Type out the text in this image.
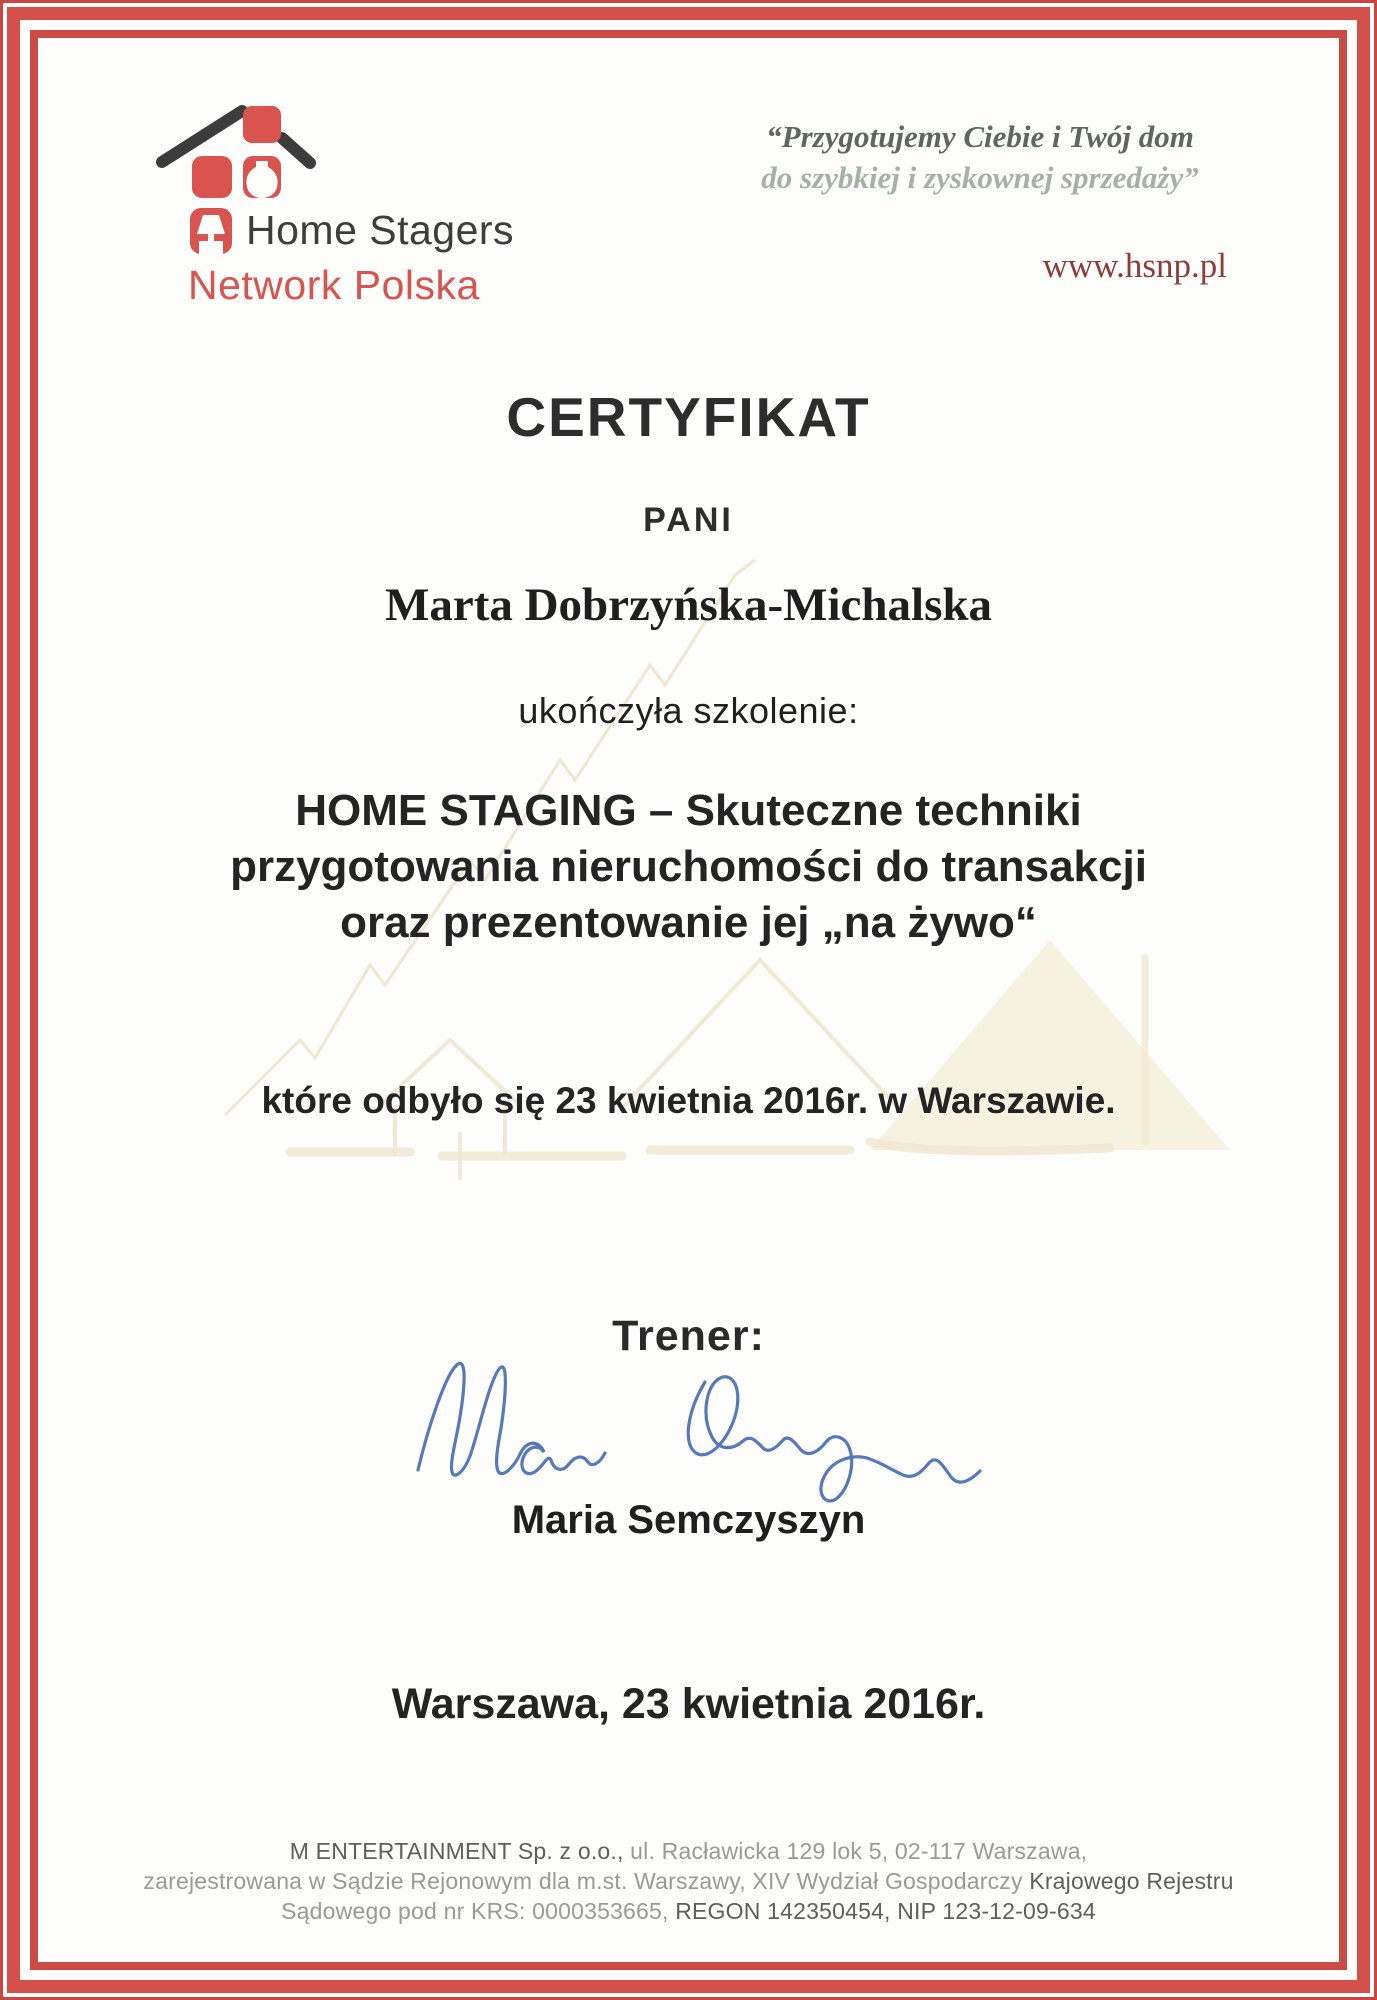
Home Stagers
Network Polska
“Przygotujemy Ciebie i Twój dom
do szybkiej i zyskownej sprzedaży”
www.hsnp.pl
CERTYFIKAT
PANI
Marta Dobrzyńska-Michalska
ukończyła szkolenie:
HOME STAGING – Skuteczne techniki
przygotowania nieruchomości do transakcji
oraz prezentowanie jej „na żywo“
które odbyło się 23 kwietnia 2016r. w Warszawie.
Trener:
Maria Semczyszyn
Warszawa, 23 kwietnia 2016r.
M ENTERTAINMENT Sp. z o.o., ul. Racławicka 129 lok 5, 02-117 Warszawa,
zarejestrowana w Sądzie Rejonowym dla m.st. Warszawy, XIV Wydział Gospodarczy Krajowego Rejestru
Sądowego pod nr KRS: 0000353665, REGON 142350454, NIP 123-12-09-634
